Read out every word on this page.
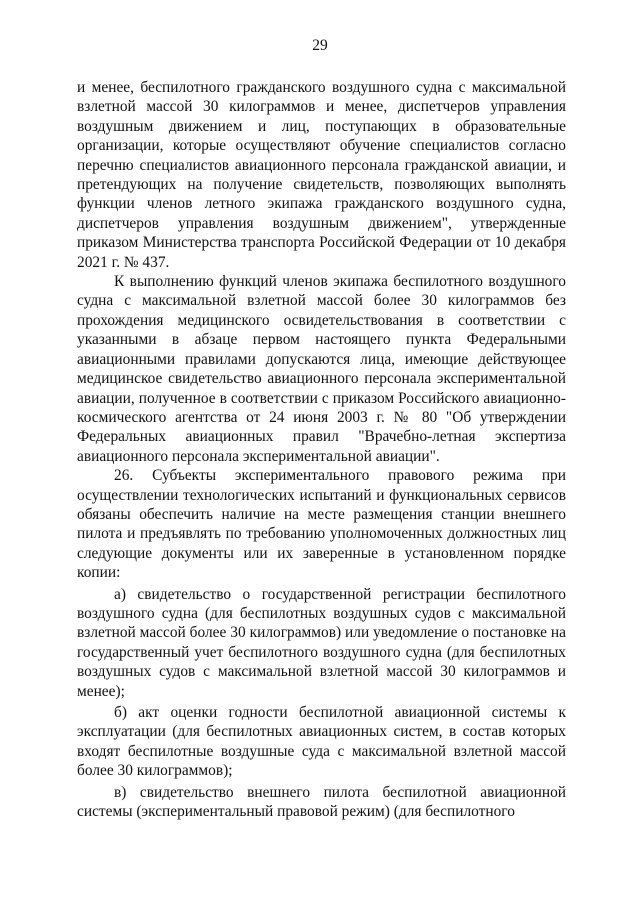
29

и менее, беспилотного гражданского воздушного судна с максимальной взлетной массой 30 килограммов и менее, диспетчеров управления воздушным движением и лиц, поступающих в образовательные организации, которые осуществляют обучение специалистов согласно перечню специалистов авиационного персонала гражданской авиации, и претендующих на получение свидетельств, позволяющих выполнять функции членов летного экипажа гражданского воздушного судна, диспетчеров управления воздушным движением", утвержденные приказом Министерства транспорта Российской Федерации от 10 декабря 2021 г. № 437.

К выполнению функций членов экипажа беспилотного воздушного судна с максимальной взлетной массой более 30 килограммов без прохождения медицинского освидетельствования в соответствии с указанными в абзаце первом настоящего пункта Федеральными авиационными правилами допускаются лица, имеющие действующее медицинское свидетельство авиационного персонала экспериментальной авиации, полученное в соответствии с приказом Российского авиационно-космического агентства от 24 июня 2003 г. № 80 "Об утверждении Федеральных авиационных правил "Врачебно-летная экспертиза авиационного персонала экспериментальной авиации".

26. Субъекты экспериментального правового режима при осуществлении технологических испытаний и функциональных сервисов обязаны обеспечить наличие на месте размещения станции внешнего пилота и предъявлять по требованию уполномоченных должностных лиц следующие документы или их заверенные в установленном порядке копии:

а) свидетельство о государственной регистрации беспилотного воздушного судна (для беспилотных воздушных судов с максимальной взлетной массой более 30 килограммов) или уведомление о постановке на государственный учет беспилотного воздушного судна (для беспилотных воздушных судов с максимальной взлетной массой 30 килограммов и менее);

б) акт оценки годности беспилотной авиационной системы к эксплуатации (для беспилотных авиационных систем, в состав которых входят беспилотные воздушные суда с максимальной взлетной массой более 30 килограммов);

в) свидетельство внешнего пилота беспилотной авиационной системы (экспериментальный правовой режим) (для беспилотного
